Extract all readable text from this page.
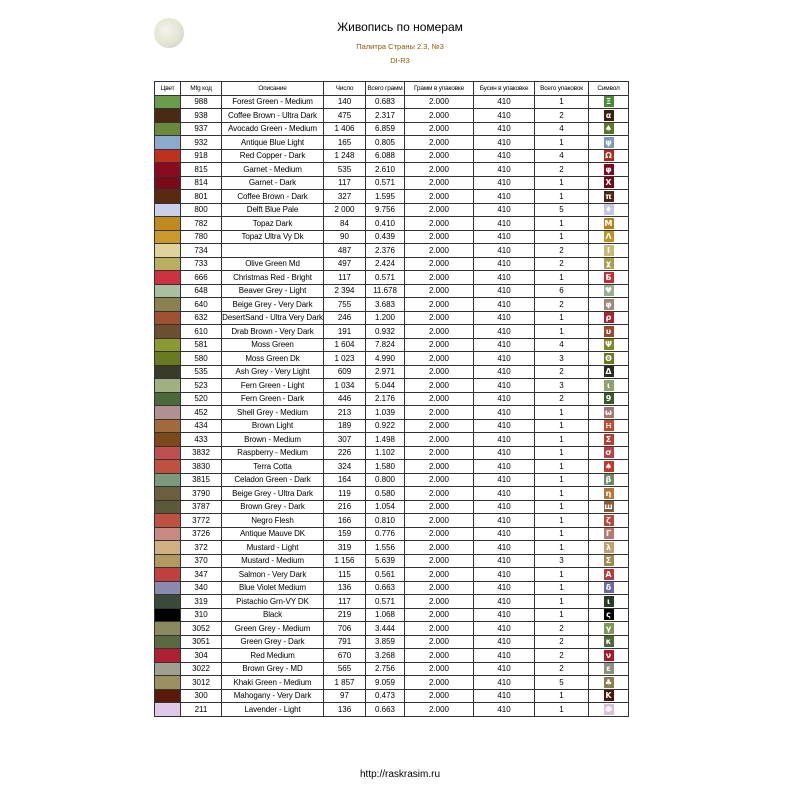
Живопись по номерам
Палитра Страны 2.3, №3
DI-R3
Цвет	Mfg код	Описание	Число	Всего грамм	Грамм в упаковке	Бусин в упаковке	Всего упаковок	Символ
	988	Forest Green - Medium	140	0.683	2.000	410	1	Ξ

	938	Coffee Brown - Ultra Dark	475	2.317	2.000	410	2	α

	937	Avocado Green - Medium	1 406	6.859	2.000	410	4	♠

	932	Antique Blue Light	165	0.805	2.000	410	1	ψ

	918	Red Copper - Dark	1 248	6.088	2.000	410	4	Ω

	815	Garnet - Medium	535	2.610	2.000	410	2	φ

	814	Garnet - Dark	117	0.571	2.000	410	1	X

	801	Coffee Brown - Dark	327	1.595	2.000	410	1	π

	800	Delft Blue Pale	2 000	9.756	2.000	410	5	♦

	782	Topaz Dark	84	0.410	2.000	410	1	M

	780	Topaz Ultra Vy Dk	90	0.439	2.000	410	1	Λ

	734		487	2.376	2.000	410	2	Ι

	733	Olive Green Md	497	2.424	2.000	410	2	χ

	666	Christmas Red - Bright	117	0.571	2.000	410	1	Б

	648	Beaver Grey - Light	2 394	11.678	2.000	410	6	♥

	640	Beige Grey - Very Dark	755	3.683	2.000	410	2	φ

	632	DesertSand - Ultra Very Dark	246	1.200	2.000	410	1	ρ

	610	Drab Brown - Very Dark	191	0.932	2.000	410	1	υ

	581	Moss Green	1 604	7.824	2.000	410	4	Ψ

	580	Moss Green Dk	1 023	4.990	2.000	410	3	Θ

	535	Ash Grey - Very Light	609	2.971	2.000	410	2	Δ

	523	Fern Green - Light	1 034	5.044	2.000	410	3	ι

	520	Fern Green - Dark	446	2.176	2.000	410	2	9

	452	Shell Grey - Medium	213	1.039	2.000	410	1	ω

	434	Brown Light	189	0.922	2.000	410	1	∺

	433	Brown - Medium	307	1.498	2.000	410	1	Σ

	3832	Raspberry - Medium	226	1.102	2.000	410	1	σ

	3830	Terra Cotta	324	1.580	2.000	410	1	♠

	3815	Celadon Green - Dark	164	0.800	2.000	410	1	β

	3790	Beige Grey - Ultra Dark	119	0.580	2.000	410	1	η

	3787	Brown Grey - Dark	216	1.054	2.000	410	1	ш

	3772	Negro Flesh	166	0.810	2.000	410	1	ζ

	3726	Antique Mauve DK	159	0.776	2.000	410	1	Γ

	372	Mustard - Light	319	1.556	2.000	410	1	λ

	370	Mustard - Medium	1 156	5.639	2.000	410	3	Σ

	347	Salmon - Very Dark	115	0.561	2.000	410	1	A

	340	Blue Violet Medium	136	0.663	2.000	410	1	δ

	319	Pistachio Grn-VY DK	117	0.571	2.000	410	1	ι

	310	Black	219	1.068	2.000	410	1	ς

	3052	Green Grey - Medium	706	3.444	2.000	410	2	γ

	3051	Green Grey - Dark	791	3.859	2.000	410	2	κ

	304	Red Medium	670	3.268	2.000	410	2	ν

	3022	Brown Grey - MD	565	2.756	2.000	410	2	ε

	3012	Khaki Green - Medium	1 857	9.059	2.000	410	5	♣

	300	Mahogany - Very Dark	97	0.473	2.000	410	1	K

	211	Lavender - Light	136	0.663	2.000	410	1	Φ
http://raskrasim.ru
